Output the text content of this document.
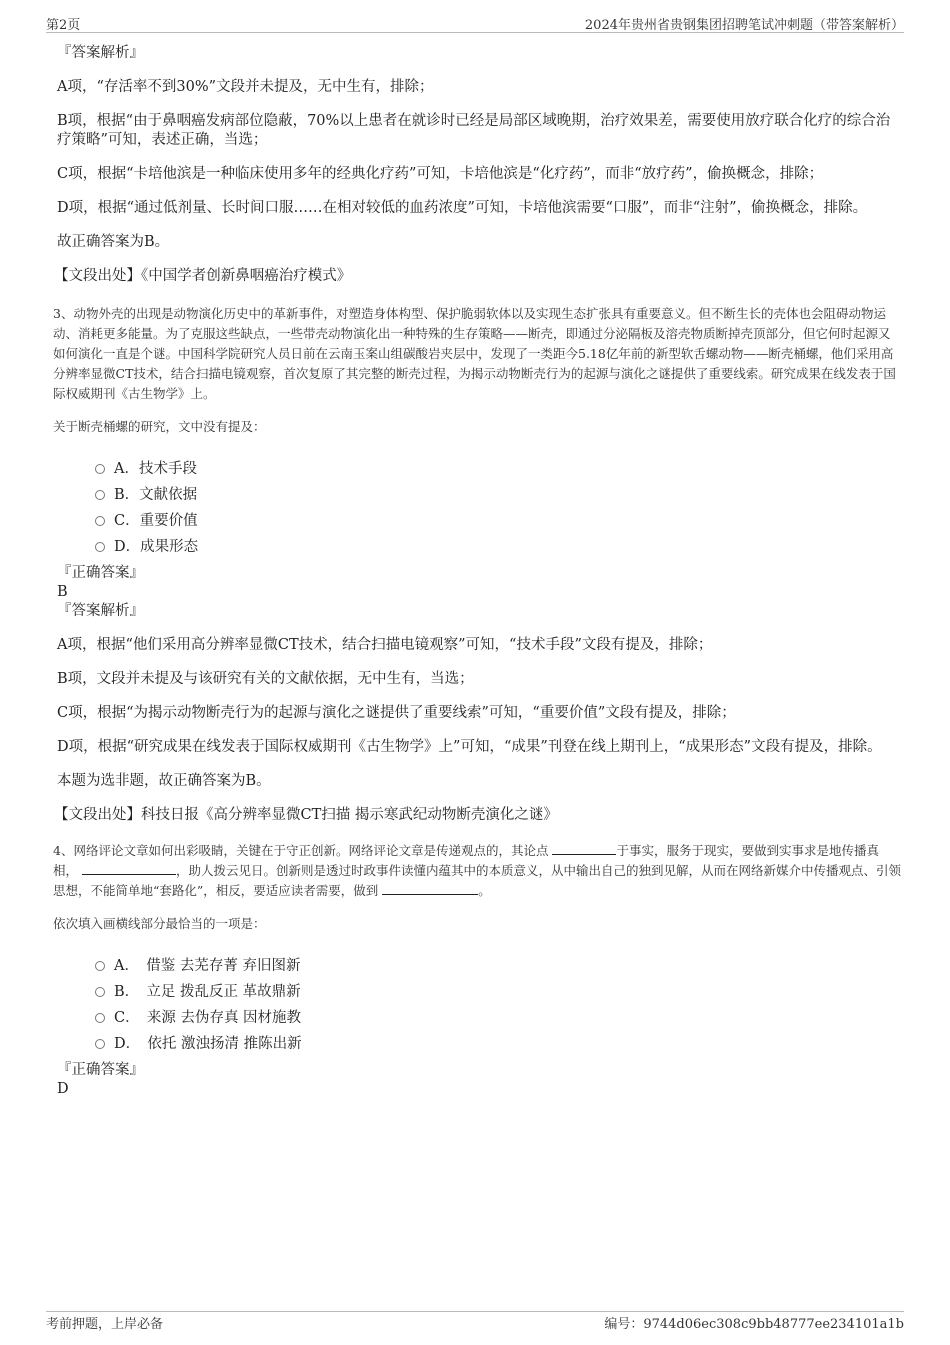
第2页	2024年贵州省贵钢集团招聘笔试冲刺题（带答案解析）

『答案解析』

A项，“存活率不到30%”文段并未提及，无中生有，排除；

B项，根据“由于鼻咽癌发病部位隐蔽，70%以上患者在就诊时已经是局部区域晚期，治疗效果差，需要使用放疗联合化疗的综合治疗策略”可知，表述正确，当选；

C项，根据“卡培他滨是一种临床使用多年的经典化疗药”可知，卡培他滨是“化疗药”，而非“放疗药”，偷换概念，排除；

D项，根据“通过低剂量、长时间口服……在相对较低的血药浓度”可知，卡培他滨需要“口服”，而非“注射”，偷换概念，排除。

故正确答案为B。

【文段出处】《中国学者创新鼻咽癌治疗模式》

3、动物外壳的出现是动物演化历史中的革新事件，对塑造身体构型、保护脆弱软体以及实现生态扩张具有重要意义。但不断生长的壳体也会阻碍动物运动、消耗更多能量。为了克服这些缺点，一些带壳动物演化出一种特殊的生存策略——断壳，即通过分泌隔板及溶壳物质断掉壳顶部分，但它何时起源又如何演化一直是个谜。中国科学院研究人员日前在云南玉案山组碳酸岩夹层中，发现了一类距今5.18亿年前的新型软舌螺动物——断壳桶螺，他们采用高分辨率显微CT技术，结合扫描电镜观察，首次复原了其完整的断壳过程，为揭示动物断壳行为的起源与演化之谜提供了重要线索。研究成果在线发表于国际权威期刊《古生物学》上。

关于断壳桶螺的研究，文中没有提及：

A．技术手段
B．文献依据
C．重要价值
D．成果形态

『正确答案』

B

『答案解析』

A项，根据“他们采用高分辨率显微CT技术，结合扫描电镜观察”可知，“技术手段”文段有提及，排除；

B项，文段并未提及与该研究有关的文献依据，无中生有，当选；

C项，根据“为揭示动物断壳行为的起源与演化之谜提供了重要线索”可知，“重要价值”文段有提及，排除；

D项，根据“研究成果在线发表于国际权威期刊《古生物学》上”可知，“成果”刊登在线上期刊上，“成果形态”文段有提及，排除。

本题为选非题，故正确答案为B。

【文段出处】科技日报《高分辨率显微CT扫描 揭示寒武纪动物断壳演化之谜》

4、网络评论文章如何出彩吸睛，关键在于守正创新。网络评论文章是传递观点的，其论点	于事实，服务于现实，要做到实事求是地传播真相，	，助人拨云见日。创新则是透过时政事件读懂内蕴其中的本质意义，从中输出自己的独到见解，从而在网络新媒介中传播观点、引领思想，不能简单地“套路化”，相反，要适应读者需要，做到	。

依次填入画横线部分最恰当的一项是：

A．　借鉴 去芜存菁 弃旧图新
B．　立足 拨乱反正 革故鼎新
C．　来源 去伪存真 因材施教
D．　依托 激浊扬清 推陈出新

『正确答案』

D

考前押题，上岸必备	编号：9744d06ec308c9bb48777ee234101a1b
